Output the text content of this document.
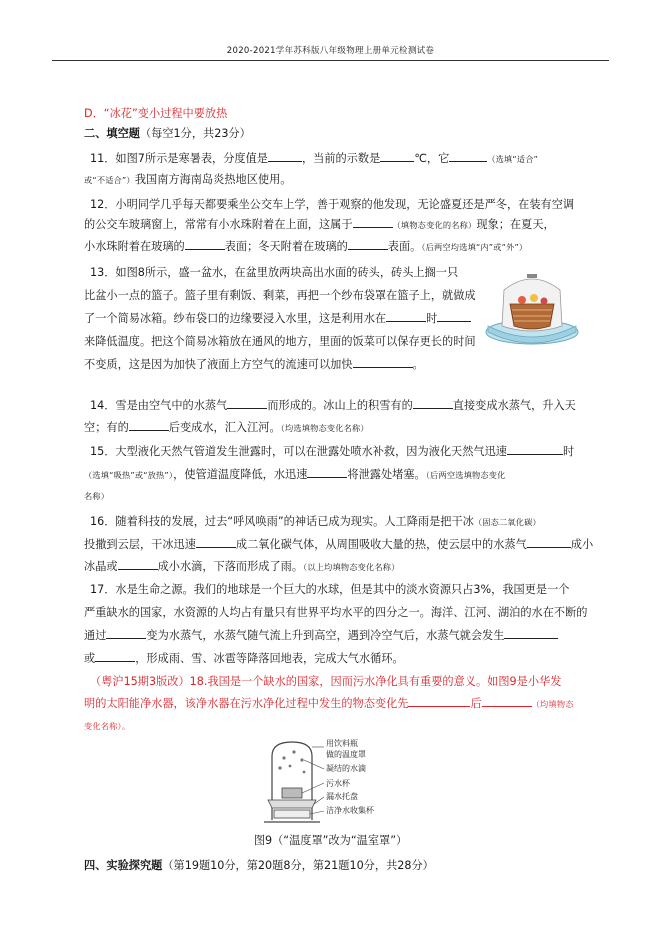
2020-2021学年苏科版八年级物理上册单元检测试卷
D．“冰花”变小过程中要放热
二、填空题（每空1分，共23分）
11．如图7所示是寒暑表，分度值是	，当前的示数是	℃，它	（选填“适合”
或“不适合”）我国南方海南岛炎热地区使用。
12．小明同学几乎每天都要乘坐公交车上学，善于观察的他发现，无论盛夏还是严冬，在装有空调
的公交车玻璃窗上，常常有小水珠附着在上面，这属于	（填物态变化的名称）现象；在夏天，
小水珠附着在玻璃的	表面；冬天附着在玻璃的	表面。（后两空均选填“内”或“外”）
13．如图8所示，盛一盆水，在盆里放两块高出水面的砖头，砖头上搁一只
比盆小一点的篮子。篮子里有剩饭、剩菜，再把一个纱布袋罩在篮子上，就做成
了一个简易冰箱。纱布袋口的边缘要浸入水里，这是利用水在	时
来降低温度。把这个简易冰箱放在通风的地方，里面的饭菜可以保存更长的时间
不变质，这是因为加快了液面上方空气的流速可以加快	。
14．雪是由空气中的水蒸气	而形成的。冰山上的积雪有的	直接变成水蒸气，升入天
空；有的	后变成水，汇入江河。（均选填物态变化名称）
15．大型液化天然气管道发生泄露时，可以在泄露处喷水补救，因为液化天然气迅速	时
（选填“吸热”或“放热”），使管道温度降低，水迅速	将泄露处堵塞。（后两空选填物态变化
名称）
16．随着科技的发展，过去“呼风唤雨”的神话已成为现实。人工降雨是把干冰（固态二氧化碳）
投撒到云层，干冰迅速	成二氧化碳气体，从周围吸收大量的热，使云层中的水蒸气	成小
冰晶或	成小水滴，下落而形成了雨。（以上均填物态变化名称）
17．水是生命之源。我们的地球是一个巨大的水球，但是其中的淡水资源只占3%，我国更是一个
严重缺水的国家，水资源的人均占有量只有世界平均水平的四分之一。海洋、江河、湖泊的水在不断的
通过	变为水蒸气，水蒸气随气流上升到高空，遇到冷空气后，水蒸气就会发生
或	，形成雨、雪、冰雹等降落回地表，完成大气水循环。
（粤沪15期3版改）18.我国是一个缺水的国家，因而污水净化具有重要的意义。如图9是小华发
明的太阳能净水器，该净水器在污水净化过程中发生的物态变化先	后	（均填物态
变化名称）。
用饮料瓶
做的温度罩
凝结的水滴
污水杯
漏水托盘
洁净水收集杯
图9（“温度罩”改为“温室罩”）
四、实验探究题（第19题10分，第20题8分，第21题10分，共28分）
